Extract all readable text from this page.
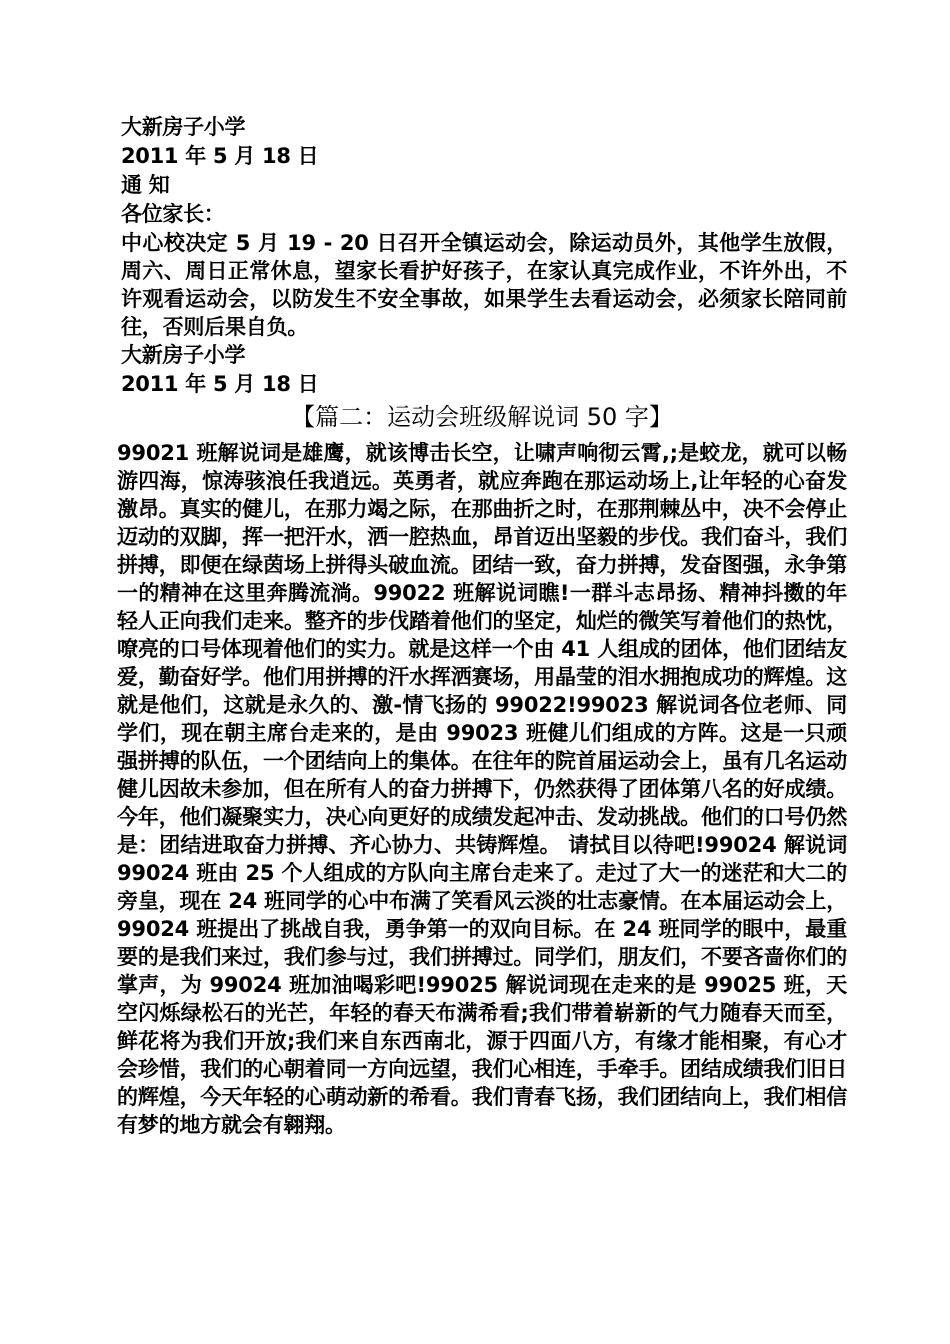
大新房子小学
2011 年 5 月 18 日
通 知
各位家长：
中心校决定 5 月 19 - 20 日召开全镇运动会，除运动员外，其他学生放假，周六、周日正常休息，望家长看护好孩子，在家认真完成作业，不许外出，不许观看运动会，以防发生不安全事故，如果学生去看运动会，必须家长陪同前往，否则后果自负。
大新房子小学
2011 年 5 月 18 日
【篇二：运动会班级解说词 50 字】
99021 班解说词是雄鹰，就该博击长空，让啸声响彻云霄,;是蛟龙，就可以畅游四海，惊涛骇浪任我逍远。英勇者，就应奔跑在那运动场上,让年轻的心奋发激昂。真实的健儿，在那力竭之际，在那曲折之时，在那荆棘丛中，决不会停止迈动的双脚，挥一把汗水，洒一腔热血，昂首迈出坚毅的步伐。我们奋斗，我们拼搏，即便在绿茵场上拼得头破血流。团结一致，奋力拼搏，发奋图强，永争第一的精神在这里奔腾流淌。99022 班解说词瞧!一群斗志昂扬、精神抖擞的年轻人正向我们走来。整齐的步伐踏着他们的坚定，灿烂的微笑写着他们的热忱，嘹亮的口号体现着他们的实力。就是这样一个由 41 人组成的团体，他们团结友爱，勤奋好学。他们用拼搏的汗水挥洒赛场，用晶莹的泪水拥抱成功的辉煌。这就是他们，这就是永久的、激-情飞扬的 99022!99023 解说词各位老师、同学们，现在朝主席台走来的，是由 99023 班健儿们组成的方阵。这是一只顽强拼搏的队伍，一个团结向上的集体。在往年的院首届运动会上，虽有几名运动健儿因故未参加，但在所有人的奋力拼搏下，仍然获得了团体第八名的好成绩。今年，他们凝聚实力，决心向更好的成绩发起冲击、发动挑战。他们的口号仍然是：团结进取奋力拼搏、齐心协力、共铸辉煌。 请拭目以待吧!99024 解说词 99024 班由 25 个人组成的方队向主席台走来了。走过了大一的迷茫和大二的旁皇，现在 24 班同学的心中布满了笑看风云淡的壮志豪情。在本届运动会上，99024 班提出了挑战自我，勇争第一的双向目标。在 24 班同学的眼中，最重要的是我们来过，我们参与过，我们拼搏过。同学们，朋友们，不要吝啬你们的掌声，为 99024 班加油喝彩吧!99025 解说词现在走来的是 99025 班，天空闪烁绿松石的光芒，年轻的春天布满希看;我们带着崭新的气力随春天而至，鲜花将为我们开放;我们来自东西南北，源于四面八方，有缘才能相聚，有心才会珍惜，我们的心朝着同一方向远望，我们心相连，手牵手。团结成绩我们旧日的辉煌，今天年轻的心萌动新的希看。我们青春飞扬，我们团结向上，我们相信有梦的地方就会有翱翔。
